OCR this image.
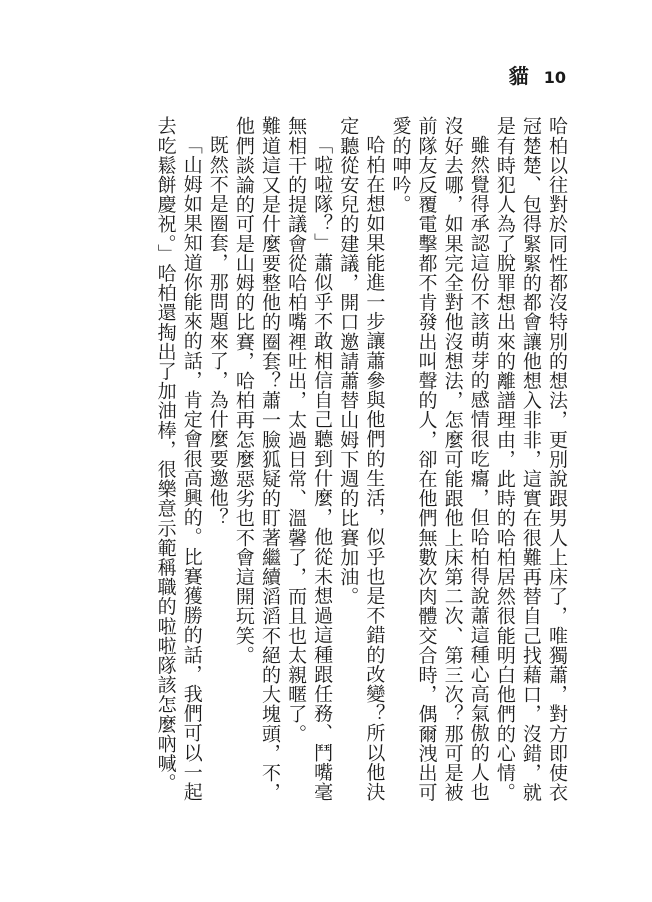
貓 10

哈柏以往對於同性都沒特別的想法，更別說跟男人上床了，唯獨蕭，對方即使衣冠楚楚、包得緊緊的都會讓他想入非非，這實在很難再替自己找藉口，沒錯，就是有時犯人為了脫罪想出來的離譜理由，此時的哈柏居然很能明白他們的心情。

雖然覺得承認這份不該萌芽的感情很吃癟，但哈柏得說蕭這種心高氣傲的人也沒好去哪，如果完全對他沒想法，怎麼可能跟他上床第二次、第三次？那可是被前隊友反覆電擊都不肯發出叫聲的人，卻在他們無數次肉體交合時，偶爾洩出可愛的呻吟。

哈柏在想如果能進一步讓蕭參與他們的生活，似乎也是不錯的改變？所以他決定聽從安兒的建議，開口邀請蕭替山姆下週的比賽加油。

「啦啦隊？」蕭似乎不敢相信自己聽到什麼，他從未想過這種跟任務、鬥嘴毫無相干的提議會從哈柏嘴裡吐出，太過日常、溫馨了，而且也太親暱了。

難道這又是什麼要整他的圈套？蕭一臉狐疑的盯著繼續滔滔不絕的大塊頭，不，他們談論的可是山姆的比賽，哈柏再怎麼惡劣也不會這開玩笑。

既然不是圈套，那問題來了，為什麼要邀他？

「山姆如果知道你能來的話，肯定會很高興的。比賽獲勝的話，我們可以一起去吃鬆餅慶祝。」哈柏還掏出了加油棒，很樂意示範稱職的啦啦隊該怎麼吶喊。
